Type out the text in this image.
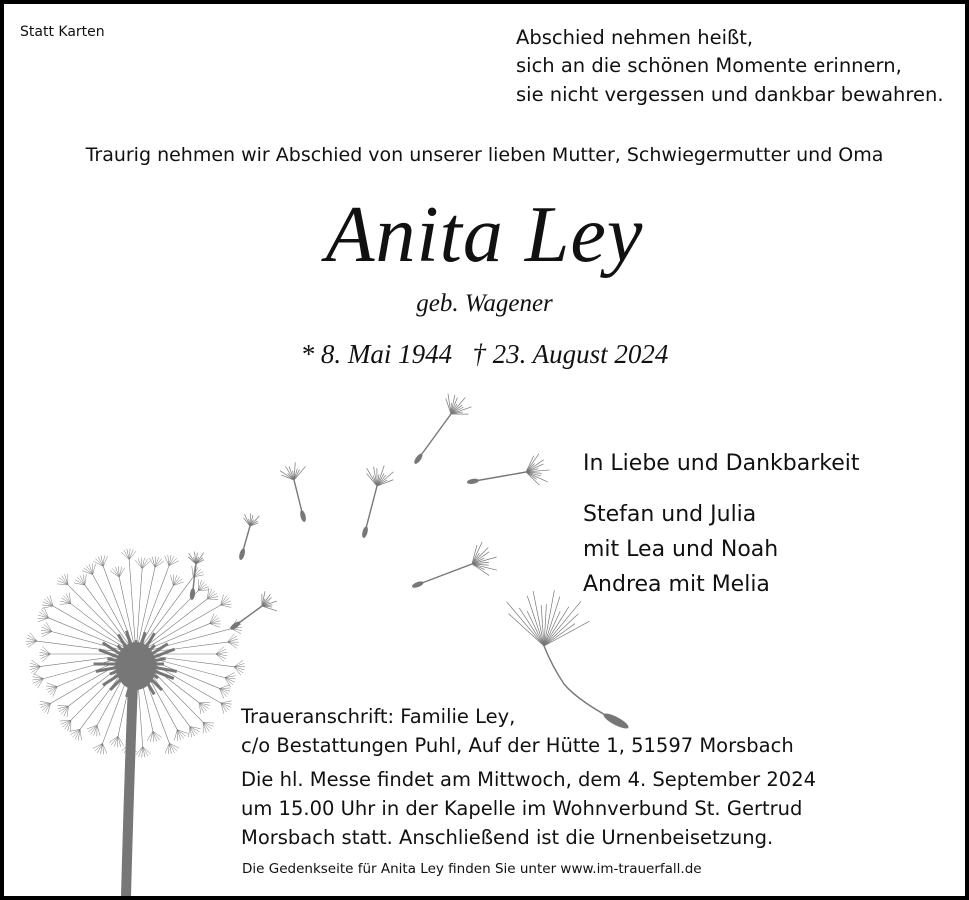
Statt Karten	Abschied nehmen heißt,
sich an die schönen Momente erinnern,
sie nicht vergessen und dankbar bewahren.
Traurig nehmen wir Abschied von unserer lieben Mutter, Schwiegermutter und Oma
Anita Ley
geb. Wagener
* 8. Mai 1944   † 23. August 2024
In Liebe und Dankbarkeit
Stefan und Julia
mit Lea und Noah
Andrea mit Melia
Traueranschrift: Familie Ley,
c/o Bestattungen Puhl, Auf der Hütte 1, 51597 Morsbach
Die hl. Messe findet am Mittwoch, dem 4. September 2024
um 15.00 Uhr in der Kapelle im Wohnverbund St. Gertrud
Morsbach statt. Anschließend ist die Urnenbeisetzung.
Die Gedenkseite für Anita Ley finden Sie unter www.im-trauerfall.de
